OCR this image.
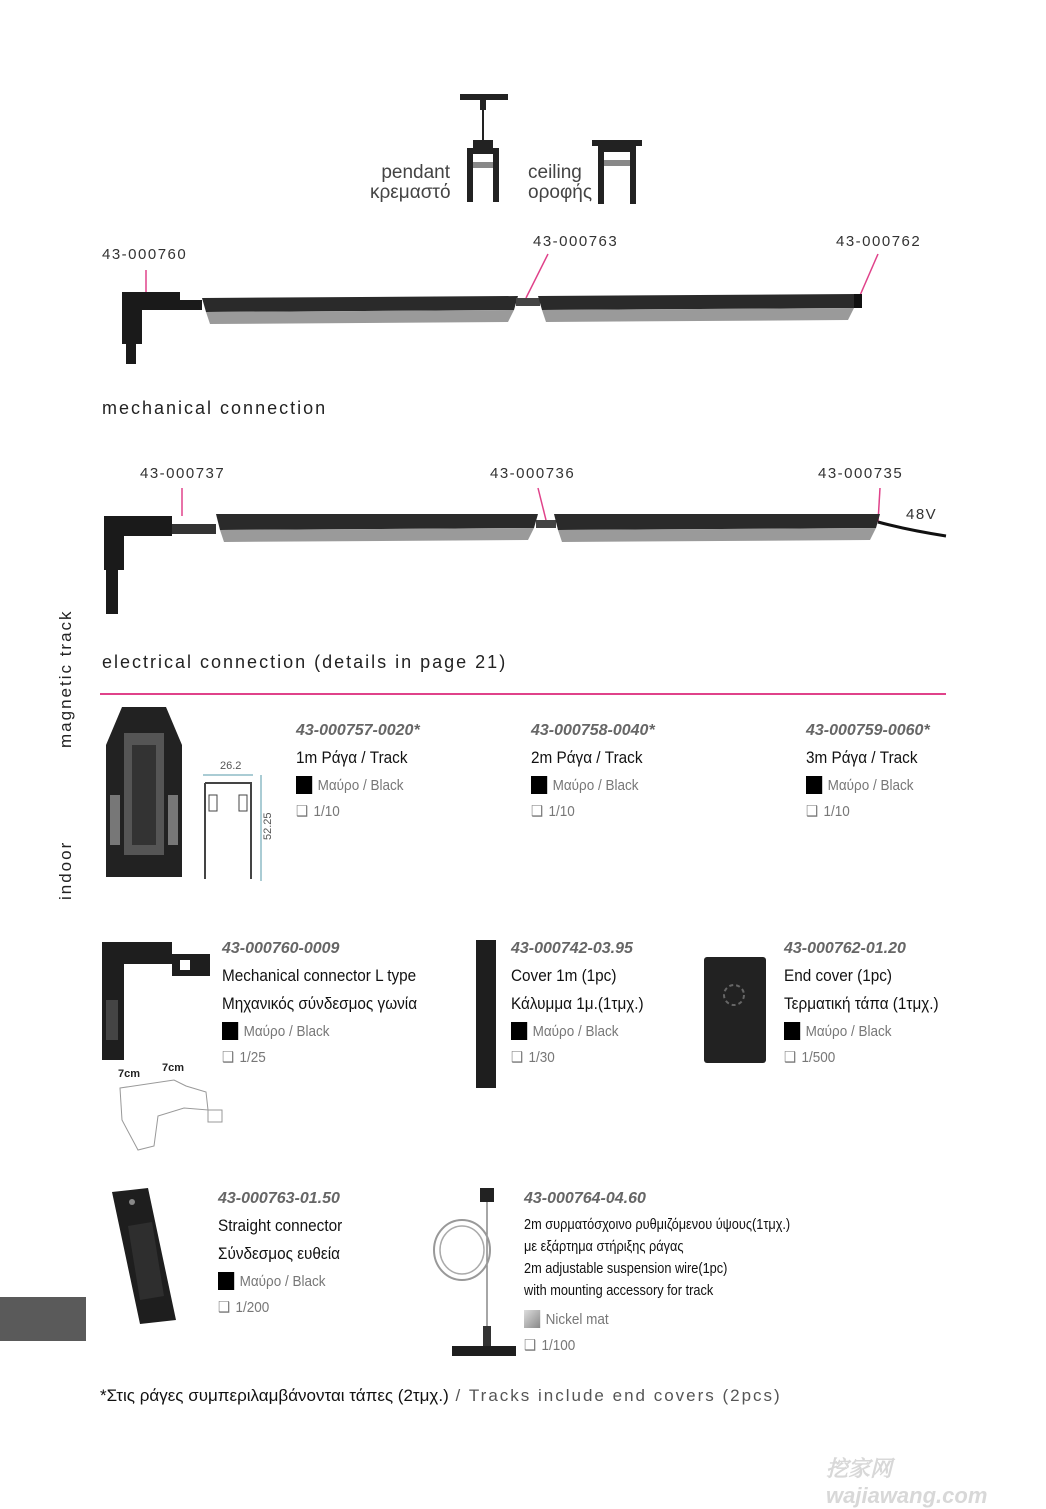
magnetic track
indoor
pendant
κρεμαστό
ceiling
οροφής
43-000760
43-000763	43-000762
mechanical connection
43-000737	43-000736	43-000735
48V
electrical connection (details in page 21)
26.2
52.25
43-000757-0020*
1m Ράγα / Track
Μαύρο / Black
❑ 1/10
43-000758-0040*
2m Ράγα / Track
Μαύρο / Black
❑ 1/10
43-000759-0060*
3m Ράγα / Track
Μαύρο / Black
❑ 1/10
7cm 7cm
43-000760-0009
Mechanical connector L type
Μηχανικός σύνδεσμος γωνία
Μαύρο / Black
❑ 1/25
43-000742-03.95
Cover 1m (1pc)
Κάλυμμα 1μ.(1τμχ.)
Μαύρο / Black
❑ 1/30
43-000762-01.20
End cover (1pc)
Τερματική τάπα (1τμχ.)
Μαύρο / Black
❑ 1/500
43-000763-01.50
Straight connector
Σύνδεσμος ευθεία
Μαύρο / Black
❑ 1/200
43-000764-04.60
2m συρματόσχοινο ρυθμιζόμενου ύψους(1τμχ.)
με εξάρτημα στήριξης ράγας
2m adjustable suspension wire(1pc)
with mounting accessory for track
Nickel mat
❑ 1/100
*Στις ράγες συμπεριλαμβάνονται τάπες (2τμχ.) / Tracks include end covers (2pcs)
挖家网 wajiawang.com
